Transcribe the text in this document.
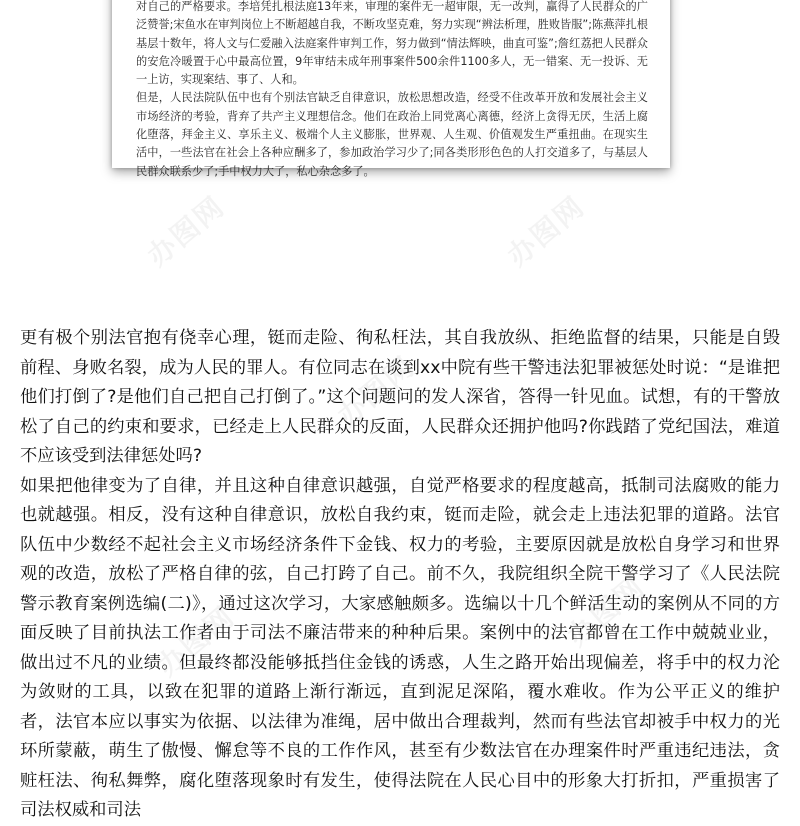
对自己的严格要求。李培凭扎根法庭13年来，审理的案件无一超审限，无一改判，赢得了人民群众的广泛赞誉;宋鱼水在审判岗位上不断超越自我，不断攻坚克难，努力实现“辨法析理，胜败皆服”;陈燕萍扎根基层十数年，将人文与仁爱融入法庭案件审判工作，努力做到“情法辉映，曲直可鉴”;詹红荔把人民群众的安危冷暖置于心中最高位置，9年审结未成年刑事案件500余件1100多人，无一错案、无一投诉、无一上访，实现案结、事了、人和。

但是，人民法院队伍中也有个别法官缺乏自律意识，放松思想改造，经受不住改革开放和发展社会主义市场经济的考验，背弃了共产主义理想信念。他们在政治上同党离心离德，经济上贪得无厌，生活上腐化堕落，拜金主义、享乐主义、极端个人主义膨胀，世界观、人生观、价值观发生严重扭曲。在现实生活中，一些法官在社会上各种应酬多了，参加政治学习少了;同各类形形色色的人打交道多了，与基层人民群众联系少了;手中权力大了，私心杂念多了。

办图网	办图网
办图网
办图网
办图网

更有极个别法官抱有侥幸心理，铤而走险、徇私枉法，其自我放纵、拒绝监督的结果，只能是自毁前程、身败名裂，成为人民的罪人。有位同志在谈到xx中院有些干警违法犯罪被惩处时说：“是谁把他们打倒了?是他们自己把自己打倒了。”这个问题问的发人深省，答得一针见血。试想，有的干警放松了自己的约束和要求，已经走上人民群众的反面，人民群众还拥护他吗?你践踏了党纪国法，难道不应该受到法律惩处吗?

如果把他律变为了自律，并且这种自律意识越强，自觉严格要求的程度越高，抵制司法腐败的能力也就越强。相反，没有这种自律意识，放松自我约束，铤而走险，就会走上违法犯罪的道路。法官队伍中少数经不起社会主义市场经济条件下金钱、权力的考验，主要原因就是放松自身学习和世界观的改造，放松了严格自律的弦，自己打跨了自己。前不久，我院组织全院干警学习了《人民法院警示教育案例选编(二)》，通过这次学习，大家感触颇多。选编以十几个鲜活生动的案例从不同的方面反映了目前执法工作者由于司法不廉洁带来的种种后果。案例中的法官都曾在工作中兢兢业业，做出过不凡的业绩。但最终都没能够抵挡住金钱的诱惑，人生之路开始出现偏差，将手中的权力沦为敛财的工具，以致在犯罪的道路上渐行渐远，直到泥足深陷，覆水难收。作为公平正义的维护者，法官本应以事实为依据、以法律为准绳，居中做出合理裁判，然而有些法官却被手中权力的光环所蒙蔽，萌生了傲慢、懈怠等不良的工作作风，甚至有少数法官在办理案件时严重违纪违法，贪赃枉法、徇私舞弊，腐化堕落现象时有发生，使得法院在人民心目中的形象大打折扣，严重损害了司法权威和司法
